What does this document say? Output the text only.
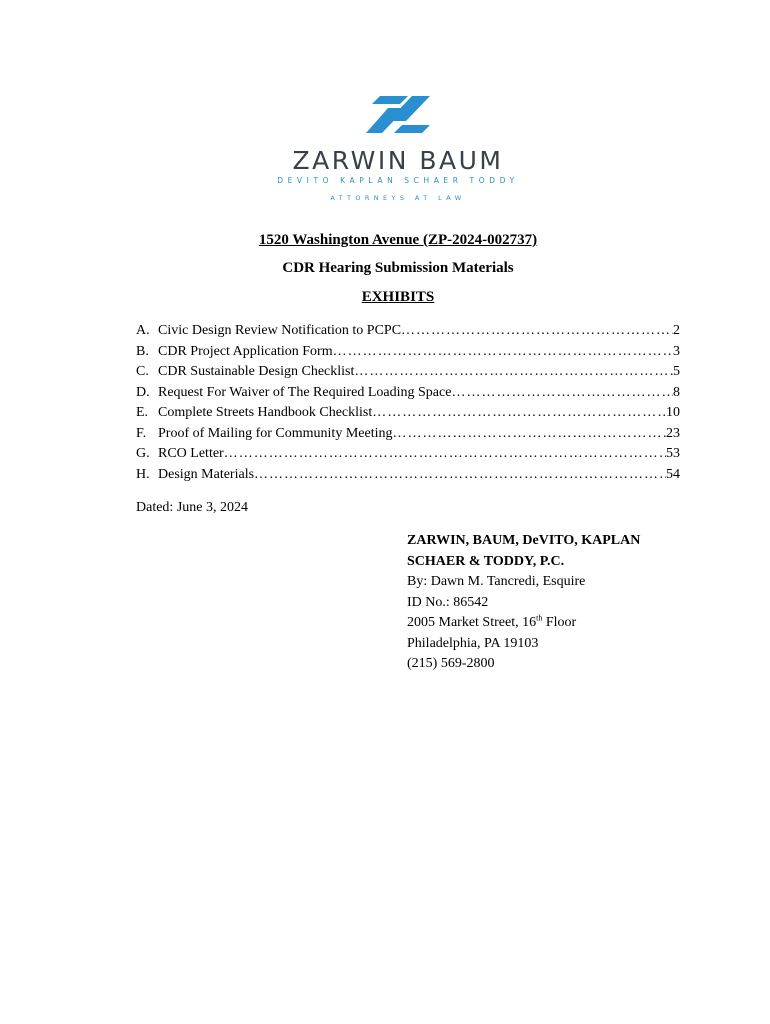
ZARWIN BAUM
DEVITO KAPLAN SCHAER TODDY
ATTORNEYS AT LAW
1520 Washington Avenue (ZP-2024-002737)
CDR Hearing Submission Materials
EXHIBITS
A. Civic Design Review Notification to PCPC ……………………………………………………………………………………………………………………………………………	2
B. CDR Project Application Form ……………………………………………………………………………………………………………………………………………	3
C. CDR Sustainable Design Checklist ……………………………………………………………………………………………………………………………………………	5
D. Request For Waiver of The Required Loading Space ……………………………………………………………………………………………………………………………………………	8
E. Complete Streets Handbook Checklist ……………………………………………………………………………………………………………………………………………	10
F. Proof of Mailing for Community Meeting ……………………………………………………………………………………………………………………………………………	23
G. RCO Letter ……………………………………………………………………………………………………………………………………………	53
H. Design Materials ……………………………………………………………………………………………………………………………………………	54
Dated: June 3, 2024
ZARWIN, BAUM, DeVITO, KAPLAN
SCHAER & TODDY, P.C.
By: Dawn M. Tancredi, Esquire
ID No.: 86542
2005 Market Street, 16th Floor
Philadelphia, PA 19103
(215) 569-2800
